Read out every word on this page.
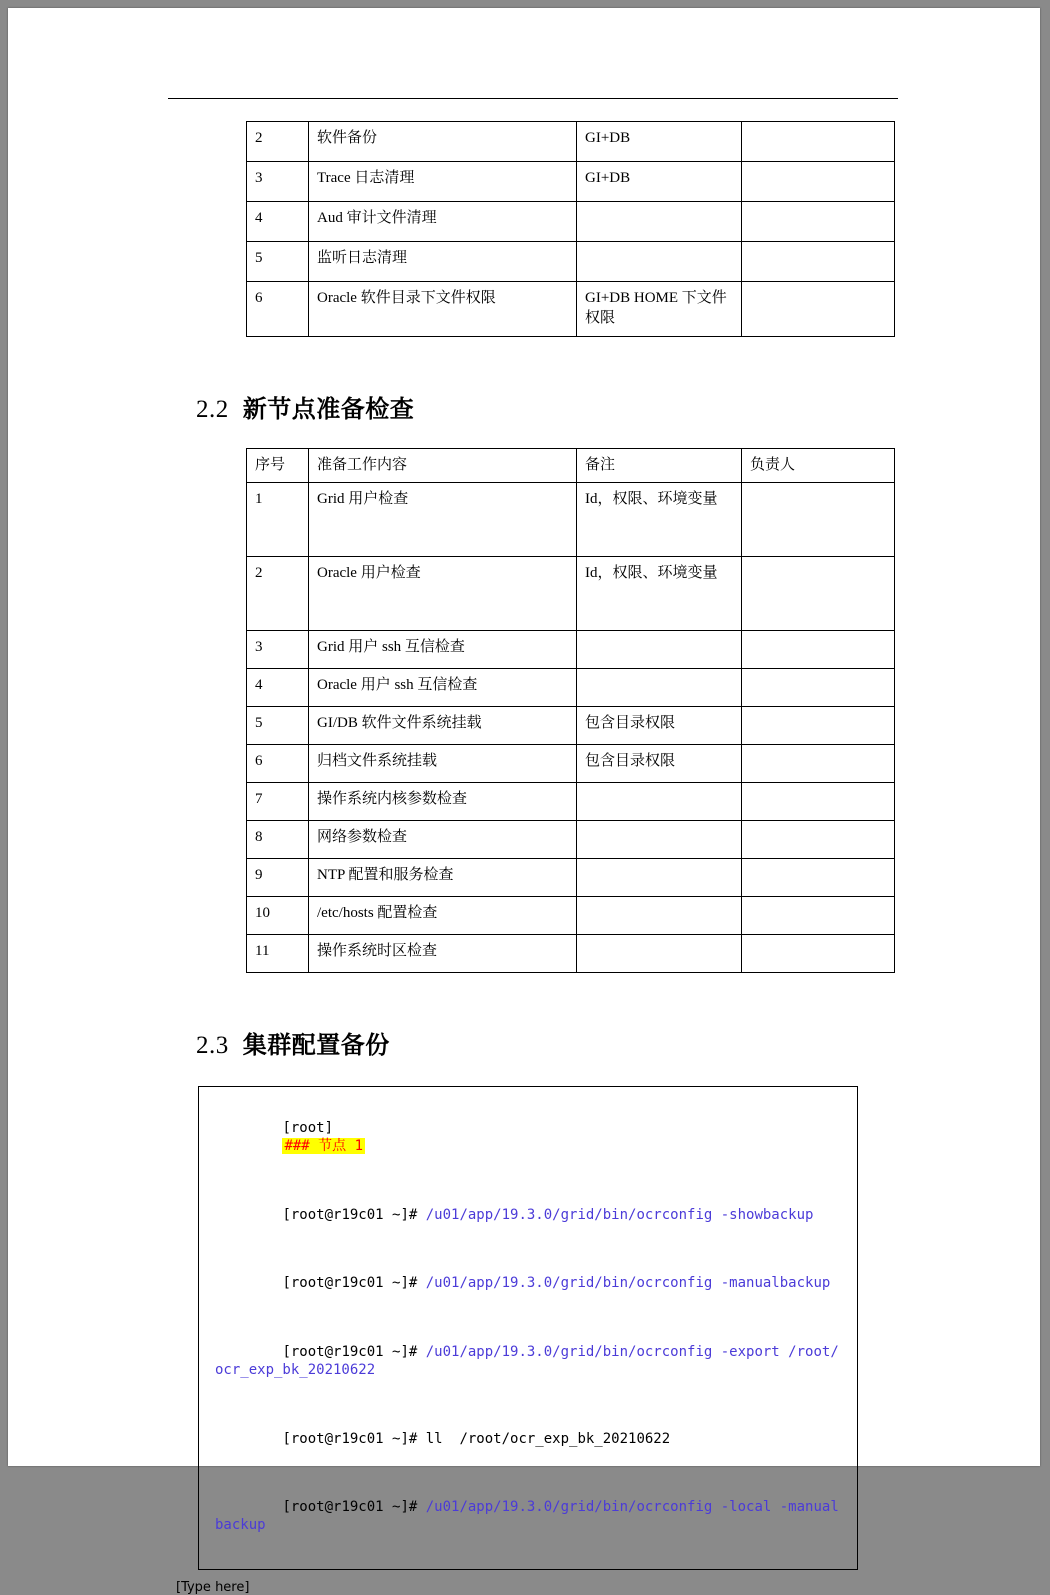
2	软件备份	GI+DB	
3	Trace 日志清理	GI+DB	
4	Aud 审计文件清理		
5	监听日志清理		
6	Oracle 软件目录下文件权限	GI+DB HOME 下文件权限	
2.2 新节点准备检查
序号	准备工作内容	备注	负责人
1	Grid 用户检查	Id，权限、环境变量	
2	Oracle 用户检查	Id，权限、环境变量	
3	Grid 用户 ssh 互信检查		
4	Oracle 用户 ssh 互信检查		
5	GI/DB 软件文件系统挂载	包含目录权限	
6	归档文件系统挂载	包含目录权限	
7	操作系统内核参数检查		
8	网络参数检查		
9	NTP 配置和服务检查		
10	/etc/hosts 配置检查		
11	操作系统时区检查		
2.3 集群配置备份

[root]
### 节点 1

[root@r19c01 ~]# /u01/app/19.3.0/grid/bin/ocrconfig -showbackup

[root@r19c01 ~]# /u01/app/19.3.0/grid/bin/ocrconfig -manualbackup

[root@r19c01 ~]# /u01/app/19.3.0/grid/bin/ocrconfig -export /root/ocr_exp_bk_20210622

[root@r19c01 ~]# ll  /root/ocr_exp_bk_20210622

[root@r19c01 ~]# /u01/app/19.3.0/grid/bin/ocrconfig -local -manualbackup

[Type here]
